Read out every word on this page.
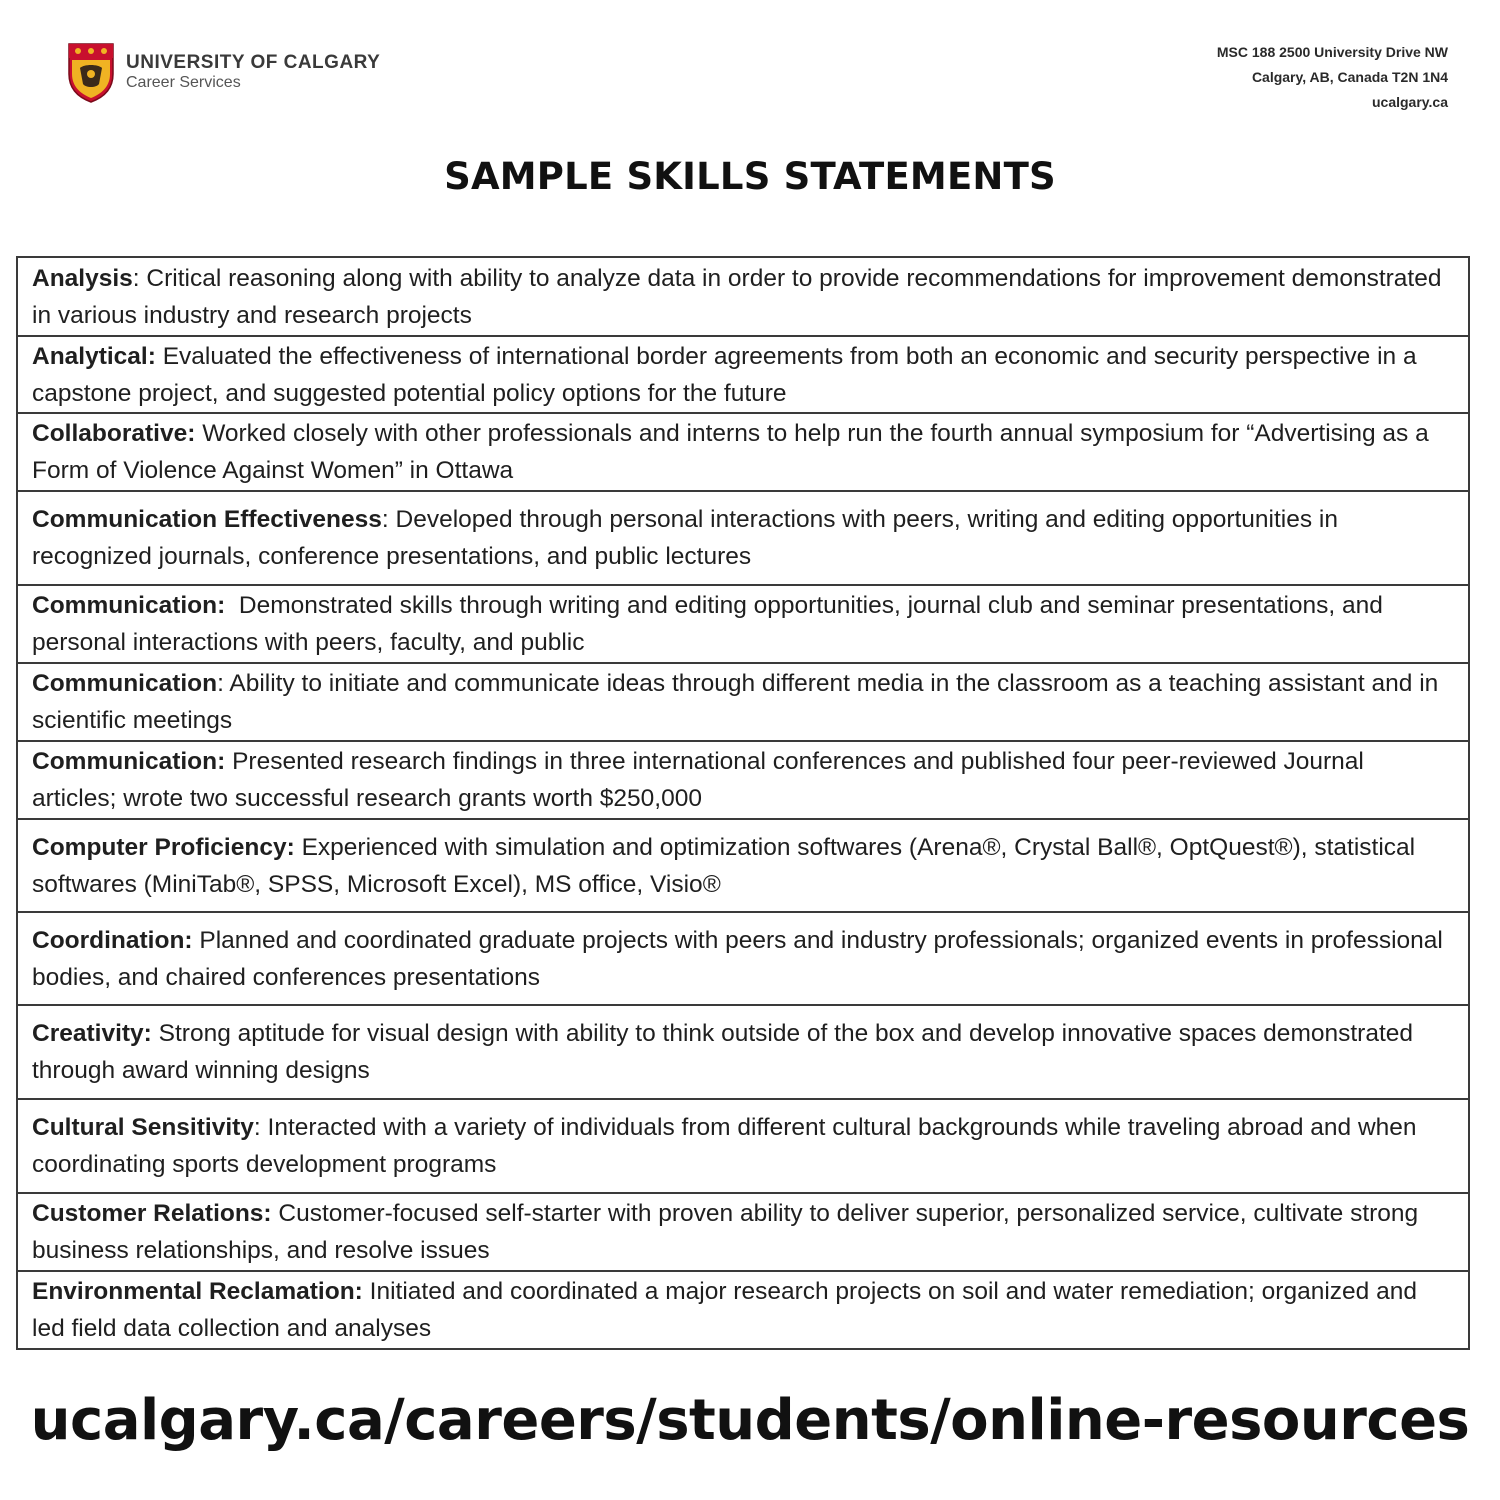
UNIVERSITY OF CALGARY
Career Services
MSC 188 2500 University Drive NW
Calgary, AB, Canada T2N 1N4
ucalgary.ca
SAMPLE SKILLS STATEMENTS
Analysis: Critical reasoning along with ability to analyze data in order to provide recommendations for improvement demonstrated in various industry and research projects
Analytical: Evaluated the effectiveness of international border agreements from both an economic and security perspective in a capstone project, and suggested potential policy options for the future
Collaborative: Worked closely with other professionals and interns to help run the fourth annual symposium for “Advertising as a Form of Violence Against Women” in Ottawa
Communication Effectiveness: Developed through personal interactions with peers, writing and editing opportunities in recognized journals, conference presentations, and public lectures
Communication: Demonstrated skills through writing and editing opportunities, journal club and seminar presentations, and personal interactions with peers, faculty, and public
Communication: Ability to initiate and communicate ideas through different media in the classroom as a teaching assistant and in scientific meetings
Communication: Presented research findings in three international conferences and published four peer-reviewed Journal articles; wrote two successful research grants worth $250,000
Computer Proficiency: Experienced with simulation and optimization softwares (Arena®, Crystal Ball®, OptQuest®), statistical softwares (MiniTab®, SPSS, Microsoft Excel), MS office, Visio®
Coordination: Planned and coordinated graduate projects with peers and industry professionals; organized events in professional bodies, and chaired conferences presentations
Creativity: Strong aptitude for visual design with ability to think outside of the box and develop innovative spaces demonstrated through award winning designs
Cultural Sensitivity: Interacted with a variety of individuals from different cultural backgrounds while traveling abroad and when coordinating sports development programs
Customer Relations: Customer-focused self-starter with proven ability to deliver superior, personalized service, cultivate strong business relationships, and resolve issues
Environmental Reclamation: Initiated and coordinated a major research projects on soil and water remediation; organized and led field data collection and analyses
ucalgary.ca/careers/students/online-resources
